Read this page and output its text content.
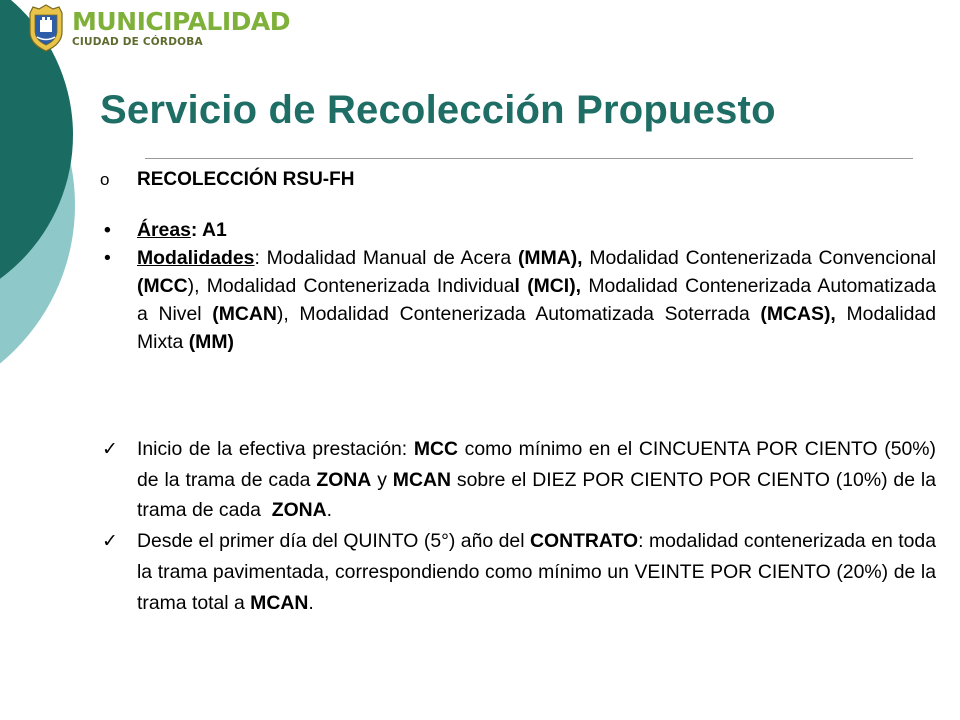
MUNICIPALIDAD
CIUDAD DE CÓRDOBA
Servicio de Recolección Propuesto
o RECOLECCIÓN RSU-FH
• Áreas: A1
• Modalidades: Modalidad Manual de Acera (MMA), Modalidad Contenerizada Convencional (MCC), Modalidad Contenerizada Individual (MCI), Modalidad Contenerizada Automatizada a Nivel (MCAN), Modalidad Contenerizada Automatizada Soterrada (MCAS), Modalidad Mixta (MM)
✓ Inicio de la efectiva prestación: MCC como mínimo en el CINCUENTA POR CIENTO (50%) de la trama de cada ZONA y MCAN sobre el DIEZ POR CIENTO POR CIENTO (10%) de la trama de cada  ZONA.
✓ Desde el primer día del QUINTO (5°) año del CONTRATO: modalidad contenerizada en toda la trama pavimentada, correspondiendo como mínimo un VEINTE POR CIENTO (20%) de la trama total a MCAN.
